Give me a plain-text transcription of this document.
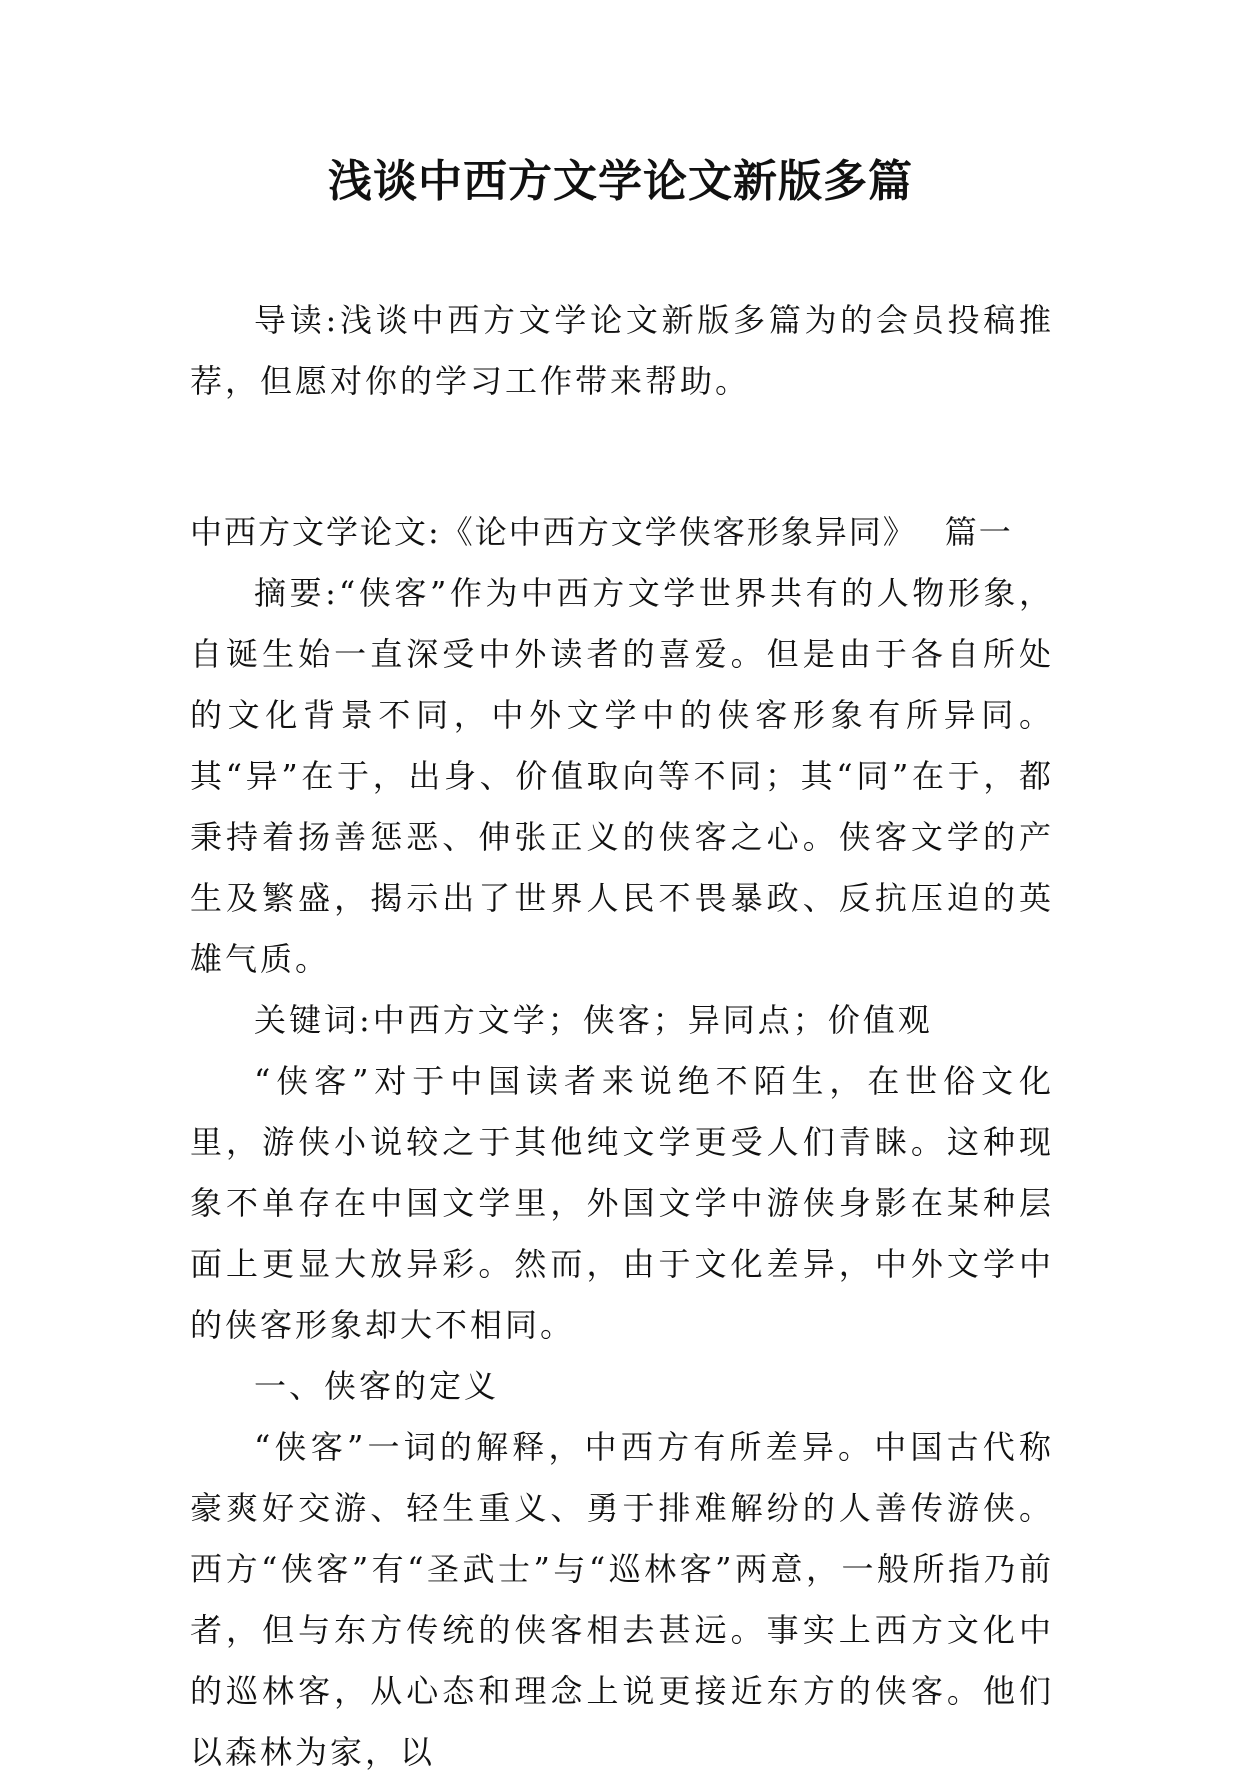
浅谈中西方文学论文新版多篇

导读:浅谈中西方文学论文新版多篇为的会员投稿推荐，但愿对你的学习工作带来帮助。

中西方文学论文:《论中西方文学侠客形象异同》 篇一

摘要:“侠客”作为中西方文学世界共有的人物形象，自诞生始一直深受中外读者的喜爱。但是由于各自所处的文化背景不同，中外文学中的侠客形象有所异同。其“异”在于，出身、价值取向等不同；其“同”在于，都秉持着扬善惩恶、伸张正义的侠客之心。侠客文学的产生及繁盛，揭示出了世界人民不畏暴政、反抗压迫的英雄气质。

关键词:中西方文学；侠客；异同点；价值观

“侠客”对于中国读者来说绝不陌生，在世俗文化里，游侠小说较之于其他纯文学更受人们青睐。这种现象不单存在中国文学里，外国文学中游侠身影在某种层面上更显大放异彩。然而，由于文化差异，中外文学中的侠客形象却大不相同。

一、侠客的定义

“侠客”一词的解释，中西方有所差异。中国古代称豪爽好交游、轻生重义、勇于排难解纷的人善传游侠。西方“侠客”有“圣武士”与“巡林客”两意，一般所指乃前者，但与东方传统的侠客相去甚远。事实上西方文化中的巡林客，从心态和理念上说更接近东方的侠客。他们以森林为家，以
